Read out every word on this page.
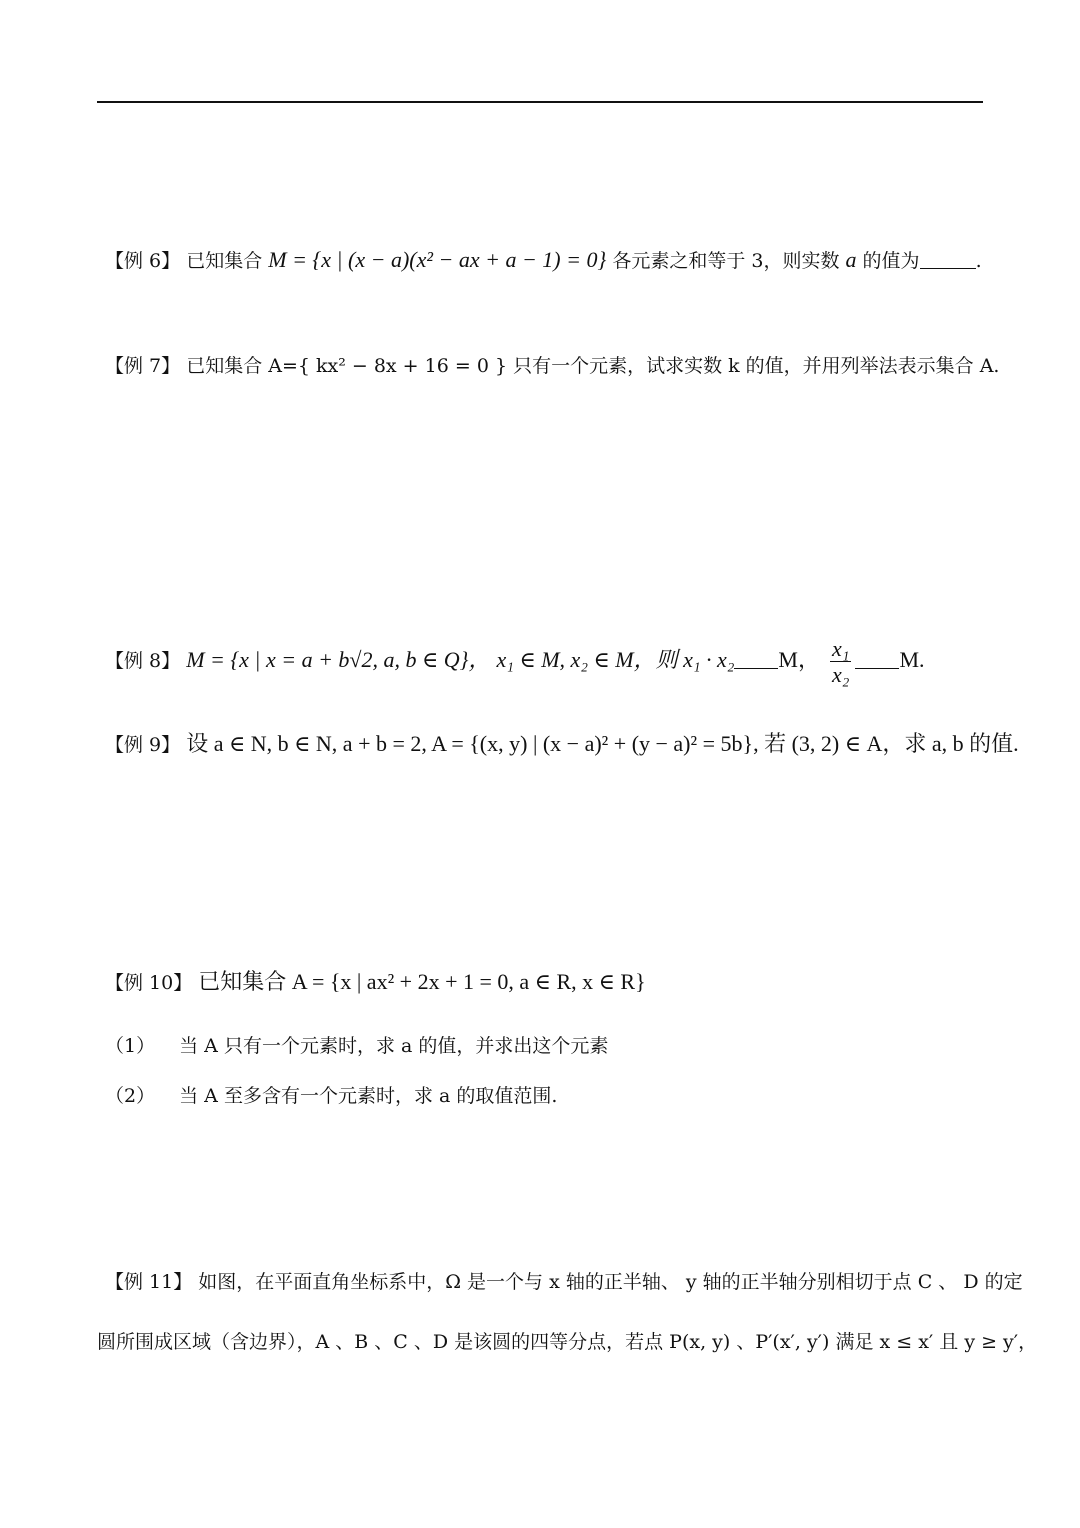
【例 6】 已知集合 M = {x | (x − a)(x² − ax + a − 1) = 0} 各元素之和等于 3，则实数 a 的值为	.
【例 7】 已知集合 A={ kx² − 8x + 16 = 0 } 只有一个元素，试求实数 k 的值，并用列举法表示集合 A.
【例 8】 M = {x | x = a + b√2, a, b ∈ Q}， x₁ ∈ M, x₂ ∈ M，则 x₁ · x₂ M， $\frac{\text{x₁}}{\text{x₂}} M$.
【例 9】 设 a ∈ N, b ∈ N, a + b = 2, A = {(x, y) | (x − a)² + (y − a)² = 5b}, 若 (3, 2) ∈ A，求 a, b 的值.
【例 10】 已知集合 A = {x | ax² + 2x + 1 = 0, a ∈ R, x ∈ R}
（1） 当 A 只有一个元素时，求 a 的值，并求出这个元素
（2） 当 A 至多含有一个元素时，求 a 的取值范围.
【例 11】 如图，在平面直角坐标系中，Ω 是一个与 x 轴的正半轴、 y 轴的正半轴分别相切于点 C 、 D 的定
圆所围成区域（含边界），A 、B 、C 、D 是该圆的四等分点，若点 P(x, y) 、P′(x′, y′) 满足 x ≤ x′ 且 y ≥ y′，
